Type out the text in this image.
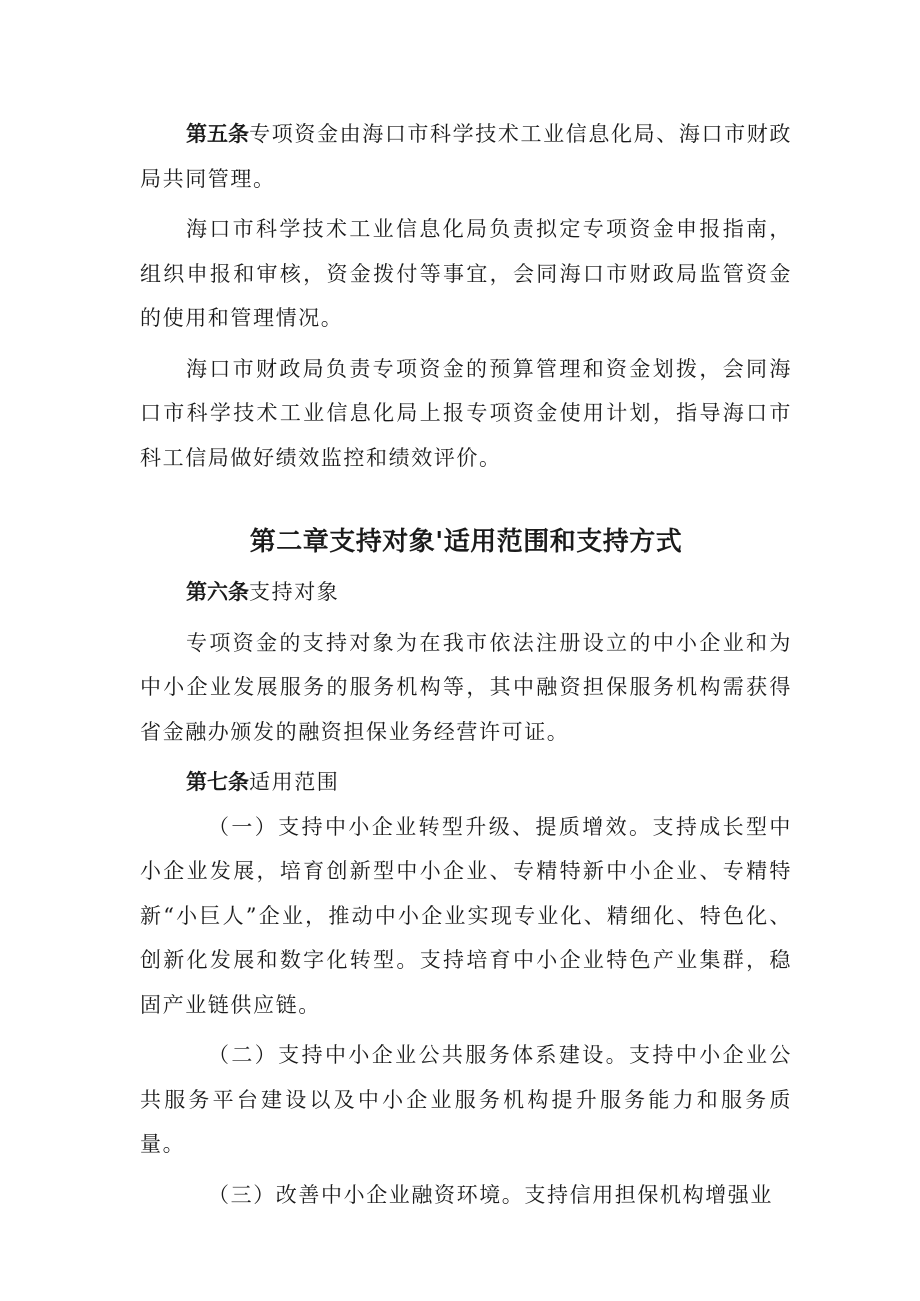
第五条专项资金由海口市科学技术工业信息化局、海口市财政局共同管理。

海口市科学技术工业信息化局负责拟定专项资金申报指南，组织申报和审核，资金拨付等事宜，会同海口市财政局监管资金的使用和管理情况。

海口市财政局负责专项资金的预算管理和资金划拨，会同海口市科学技术工业信息化局上报专项资金使用计划，指导海口市科工信局做好绩效监控和绩效评价。

第二章支持对象'适用范围和支持方式

第六条支持对象

专项资金的支持对象为在我市依法注册设立的中小企业和为中小企业发展服务的服务机构等，其中融资担保服务机构需获得省金融办颁发的融资担保业务经营许可证。

第七条适用范围

（一）支持中小企业转型升级、提质增效。支持成长型中小企业发展，培育创新型中小企业、专精特新中小企业、专精特新“小巨人”企业，推动中小企业实现专业化、精细化、特色化、创新化发展和数字化转型。支持培育中小企业特色产业集群，稳固产业链供应链。

（二）支持中小企业公共服务体系建设。支持中小企业公共服务平台建设以及中小企业服务机构提升服务能力和服务质量。

（三）改善中小企业融资环境。支持信用担保机构增强业
